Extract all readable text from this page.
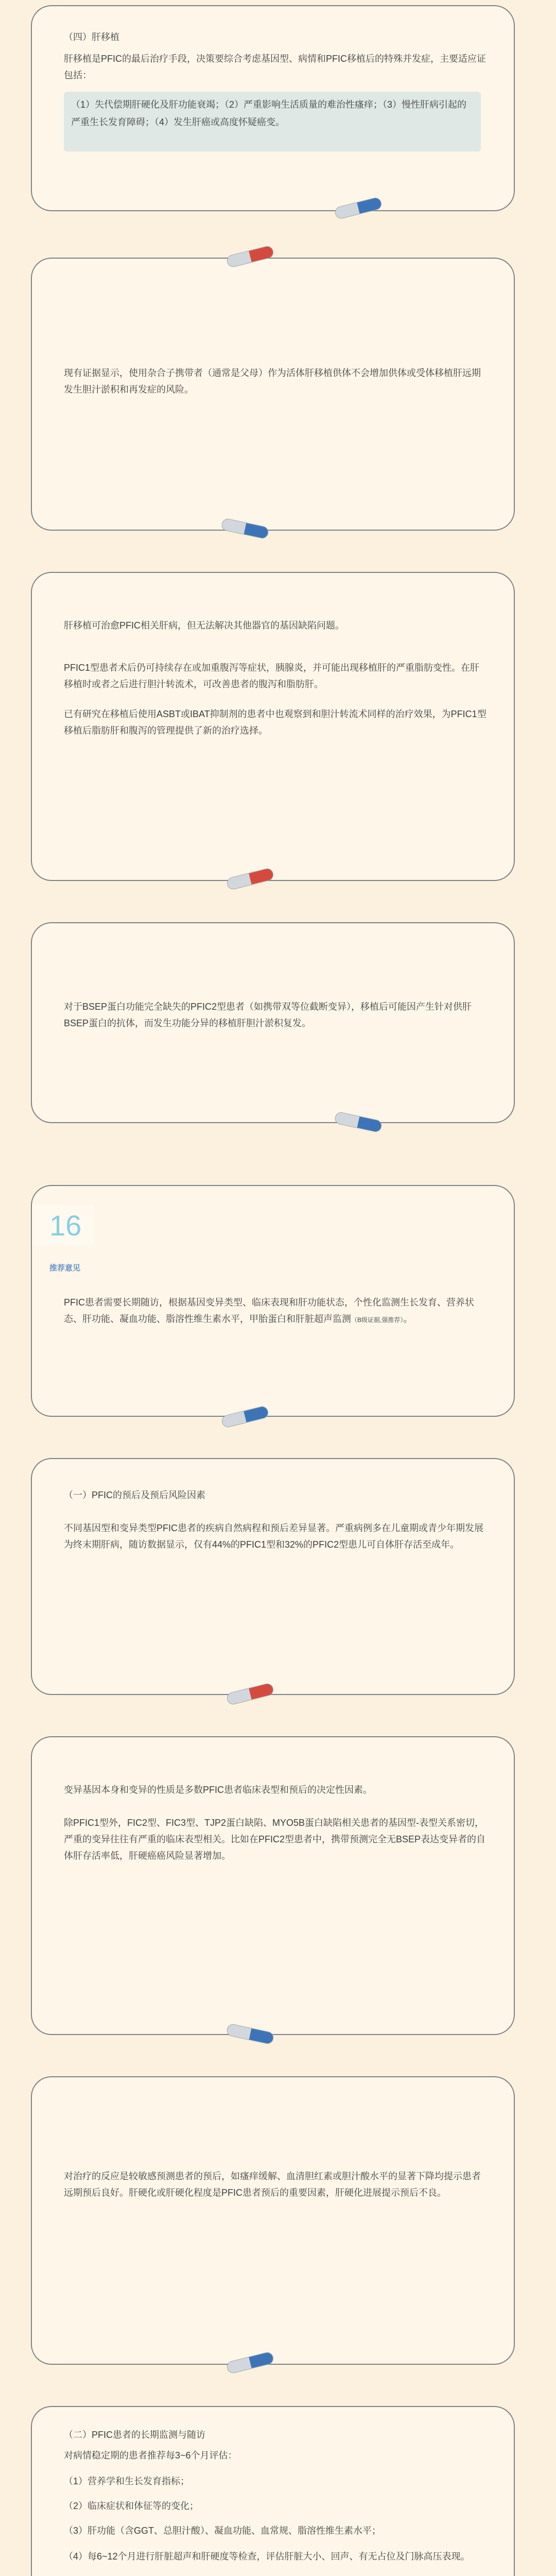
（四）肝移植

肝移植是PFIC的最后治疗手段，决策要综合考虑基因型、病情和PFIC移植后的特殊并发症，主要适应证包括：

（1）失代偿期肝硬化及肝功能衰竭；（2）严重影响生活质量的难治性瘙痒；（3）慢性肝病引起的严重生长发育障碍；（4）发生肝癌或高度怀疑癌变。

现有证据显示，使用杂合子携带者（通常是父母）作为活体肝移植供体不会增加供体或受体移植肝远期发生胆汁淤积和再发症的风险。

肝移植可治愈PFIC相关肝病，但无法解决其他器官的基因缺陷问题。

PFIC1型患者术后仍可持续存在或加重腹泻等症状，胰腺炎，并可能出现移植肝的严重脂肪变性。在肝移植时或者之后进行胆汁转流术，可改善患者的腹泻和脂肪肝。

已有研究在移植后使用ASBT或IBAT抑制剂的患者中也观察到和胆汁转流术同样的治疗效果，为PFIC1型移植后脂肪肝和腹泻的管理提供了新的治疗选择。

对于BSEP蛋白功能完全缺失的PFIC2型患者（如携带双等位截断变异），移植后可能因产生针对供肝BSEP蛋白的抗体，而发生功能分异的移植肝胆汁淤积复发。

16
推荐意见

PFIC患者需要长期随访，根据基因变异类型、临床表现和肝功能状态，个性化监测生长发育、营养状态、肝功能、凝血功能、脂溶性维生素水平，甲胎蛋白和肝脏超声监测（B级证据,强推荐）。

（一）PFIC的预后及预后风险因素

不同基因型和变异类型PFIC患者的疾病自然病程和预后差异显著。严重病例多在儿童期或青少年期发展为终末期肝病，随访数据显示，仅有44%的PFIC1型和32%的PFIC2型患儿可自体肝存活至成年。

变异基因本身和变异的性质是多数PFIC患者临床表型和预后的决定性因素。

除PFIC1型外，FIC2型、FIC3型、TJP2蛋白缺陷、MYO5B蛋白缺陷相关患者的基因型-表型关系密切，严重的变异往往有严重的临床表型相关。比如在PFIC2型患者中，携带预测完全无BSEP表达变异者的自体肝存活率低，肝硬癌癌风险显著增加。

对治疗的反应是较敏感预测患者的预后，如瘙痒缓解、血清胆红素或胆汁酸水平的显著下降均提示患者远期预后良好。肝硬化或肝硬化程度是PFIC患者预后的重要因素，肝硬化进展提示预后不良。

（二）PFIC患者的长期监测与随访

对病情稳定期的患者推荐每3~6个月评估：

（1）营养学和生长发育指标；

（2）临床症状和体征等的变化；

（3）肝功能（含GGT、总胆汁酸）、凝血功能、血常规、脂溶性维生素水平；

（4）每6~12个月进行肝脏超声和肝硬度等检查，评估肝脏大小、回声、有无占位及门脉高压表现。
